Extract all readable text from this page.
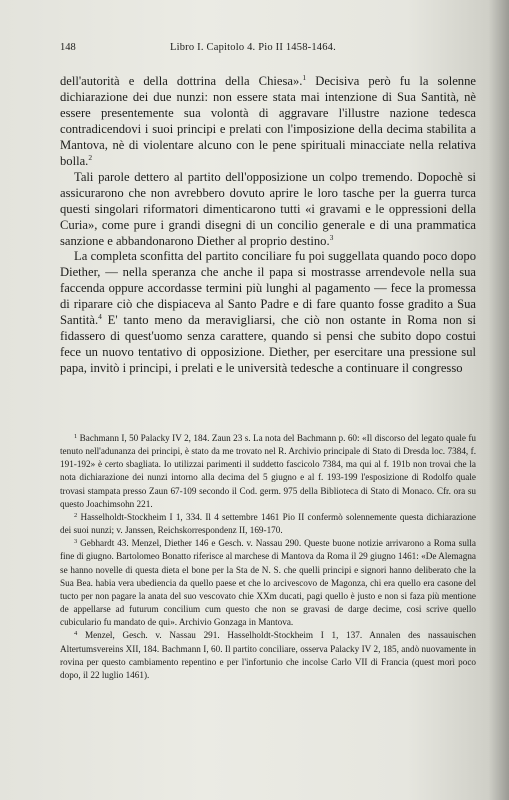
148	Libro I. Capitolo 4. Pio II 1458-1464.

dell'autorità e della dottrina della Chiesa».$^1$ Decisiva però fu la solenne dichiarazione dei due nunzi: non essere stata mai intenzione di Sua Santità, nè essere presentemente sua volontà di aggravare l'illustre nazione tedesca contradicendovi i suoi principi e prelati con l'imposizione della decima stabilita a Mantova, nè di violentare alcuno con le pene spirituali minacciate nella relativa bolla.$^2$

Tali parole dettero al partito dell'opposizione un colpo tremendo. Dopochè si assicurarono che non avrebbero dovuto aprire le loro tasche per la guerra turca questi singolari riformatori dimenticarono tutti «i gravami e le oppressioni della Curia», come pure i grandi disegni di un concilio generale e di una prammatica sanzione e abbandonarono Diether al proprio destino.$^3$

La completa sconfitta del partito conciliare fu poi suggellata quando poco dopo Diether, — nella speranza che anche il papa si mostrasse arrendevole nella sua faccenda oppure accordasse termini più lunghi al pagamento — fece la promessa di riparare ciò che dispiaceva al Santo Padre e di fare quanto fosse gradito a Sua Santità.$^4$ E' tanto meno da meravigliarsi, che ciò non ostante in Roma non si fidassero di quest'uomo senza carattere, quando si pensi che subito dopo costui fece un nuovo tentativo di opposizione. Diether, per esercitare una pressione sul papa, invitò i principi, i prelati e le università tedesche a continuare il congresso

$^1$ Bachmann I, 50 Palacky IV 2, 184. Zaun 23 s. La nota del Bachmann p. 60: «Il discorso del legato quale fu tenuto nell'adunanza dei principi, è stato da me trovato nel R. Archivio principale di Stato di Dresda loc. 7384, f. 191-192» è certo sbagliata. Io utilizzai parimenti il suddetto fascicolo 7384, ma qui al f. 191b non trovai che la nota dichiarazione dei nunzi intorno alla decima del 5 giugno e al f. 193-199 l'esposizione di Rodolfo quale trovasi stampata presso Zaun 67-109 secondo il Cod. germ. 975 della Biblioteca di Stato di Monaco. Cfr. ora su questo Joachimsohn 221.

$^2$ Hasselholdt-Stockheim I 1, 334. Il 4 settembre 1461 Pio II confermò solennemente questa dichiarazione dei suoi nunzi; v. Janssen, Reichskorrespondenz II, 169-170.

$^3$ Gebhardt 43. Menzel, Diether 146 e Gesch. v. Nassau 290. Queste buone notizie arrivarono a Roma sulla fine di giugno. Bartolomeo Bonatto riferisce al marchese di Mantova da Roma il 29 giugno 1461: «De Alemagna se hanno novelle di questa dieta el bone per la Sta de N. S. che quelli principi e signori hanno deliberato che la Sua Bea. habia vera ubediencia da quello paese et che lo arcivescovo de Magonza, chi era quello era casone del tucto per non pagare la anata del suo vescovato chie XXm ducati, pagi quello è justo e non si faza più mentione de appellarse ad futurum concilium cum questo che non se gravasi de darge decime, cosi scrive quello cubiculario fu mandato de qui». Archivio Gonzaga in Mantova.

$^4$ Menzel, Gesch. v. Nassau 291. Hasselholdt-Stockheim I 1, 137. Annalen des nassauischen Altertumsvereins XII, 184. Bachmann I, 60. Il partito conciliare, osserva Palacky IV 2, 185, andò nuovamente in rovina per questo cambiamento repentino e per l'infortunio che incolse Carlo VII di Francia (quest morì poco dopo, il 22 luglio 1461).
